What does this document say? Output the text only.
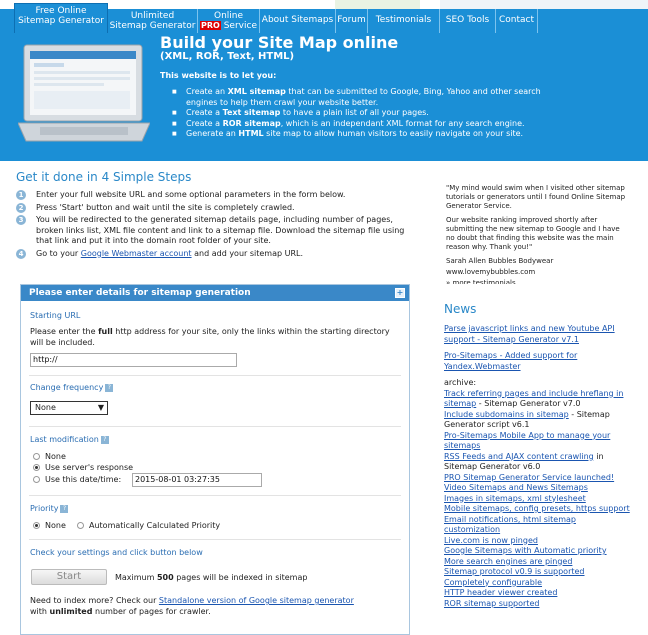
Free Online
Sitemap Generator	Unlimited
Sitemap Generator
Online
PRO Service
About Sitemaps Forum	Testimonials	SEO Tools	Contact
Build your Site Map online
(XML, ROR, Text, HTML)
This website is to let you:
■ Create an XML sitemap that can be submitted to Google, Bing, Yahoo and other search engines to help them crawl your website better.
■ Create a Text sitemap to have a plain list of all your pages.
■ Create a ROR sitemap, which is an independant XML format for any search engine.
■ Generate an HTML site map to allow human visitors to easily navigate on your site.
Get it done in 4 Simple Steps
1	Enter your full website URL and some optional parameters in the form below.
2	Press 'Start' button and wait until the site is completely crawled.
3	You will be redirected to the generated sitemap details page, including number of pages, broken links list, XML file content and link to a sitemap file. Download the sitemap file using that link and put it into the domain root folder of your site.
4	Go to your Google Webmaster account and add your sitemap URL.
Please enter details for sitemap generation	+
Starting URL
Please enter the full http address for your site, only the links within the starting directory will be included.
http://
Change frequency ?
None	▼
Last modification ?
None
Use server's response
Use this date/time:	2015-08-01 03:27:35
Priority ?
None	Automatically Calculated Priority
Check your settings and click button below
Start	Maximum 500 pages will be indexed in sitemap
Need to index more? Check our Standalone version of Google sitemap generator
with unlimited number of pages for crawler.
"My mind would swim when I visited other sitemap tutorials or generators until I found Online Sitemap Generator Service.
Our website ranking improved shortly after submitting the new sitemap to Google and I have no doubt that finding this website was the main reason why. Thank you!"
Sarah Allen Bubbles Bodywear
www.lovemybubbles.com
» more testimonials
News
Parse javascript links and new Youtube API support - Sitemap Generator v7.1
Pro-Sitemaps - Added support for Yandex.Webmaster
archive:
Track referring pages and include hreflang in sitemap - Sitemap Generator v7.0
Include subdomains in sitemap - Sitemap Generator script v6.1
Pro-Sitemaps Mobile App to manage your sitemaps
RSS Feeds and AJAX content crawling in Sitemap Generator v6.0
PRO Sitemap Generator Service launched!
Video Sitemaps and News Sitemaps
Images in sitemaps, xml stylesheet
Mobile sitemaps, config presets, https support
Email notifications, html sitemap customization
Live.com is now pinged
Google Sitemaps with Automatic priority
More search engines are pinged
Sitemap protocol v0.9 is supported
Completely configurable
HTTP header viewer created
ROR sitemap supported
